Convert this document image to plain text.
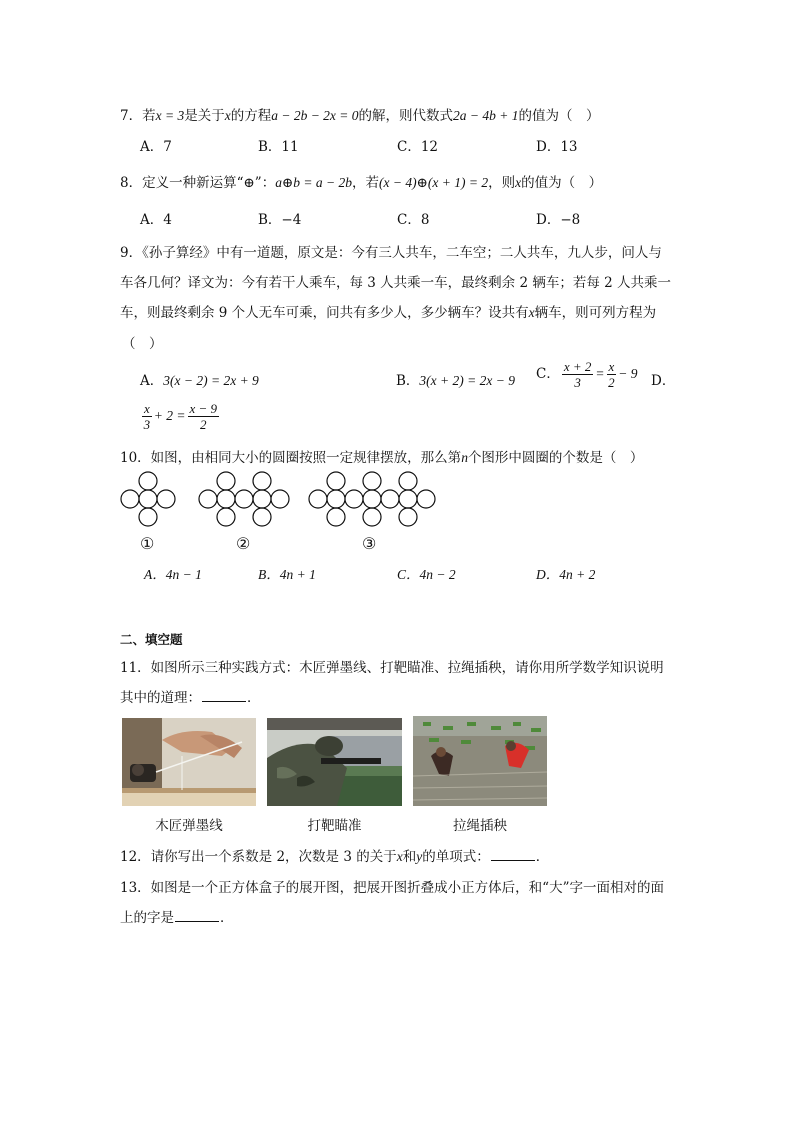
7．若x = 3是关于x的方程a − 2b − 2x = 0的解，则代数式2a − 4b + 1的值为（　）
A．7	B．11	C．12	D．13
8．定义一种新运算“⊕”：a⊕b = a − 2b，若(x − 4)⊕(x + 1) = 2，则x的值为（　）
A．4	B．−4	C．8	D．−8
9．《孙子算经》中有一道题，原文是：今有三人共车，二车空；二人共车，九人步，问人与
车各几何？译文为：今有若干人乘车，每 3 人共乘一车，最终剩余 2 辆车；若每 2 人共乘一
车，则最终剩余 9 个人无车可乘，问共有多少人，多少辆车？设共有x辆车，则可列方程为
（　）
A．3(x − 2) = 2x + 9	B．3(x + 2) = 2x − 9 C． $\frac{x + 2}{3} = \frac{x}{2} - 9$ D．
$\frac{x}{3} + 2 = \frac{x - 9}{2}$
10．如图，由相同大小的圆圈按照一定规律摆放，那么第n个图形中圆圈的个数是（　）
①	②	③
A．4n − 1	B．4n + 1	C．4n − 2	D．4n + 2
二、填空题
11．如图所示三种实践方式：木匠弹墨线、打靶瞄准、拉绳插秧，请你用所学数学知识说明
其中的道理：	．
木匠弹墨线	打靶瞄准	拉绳插秧
12．请你写出一个系数是 2，次数是 3 的关于x和y的单项式：	．
13．如图是一个正方体盒子的展开图，把展开图折叠成小正方体后，和“大”字一面相对的面
上的字是	．
